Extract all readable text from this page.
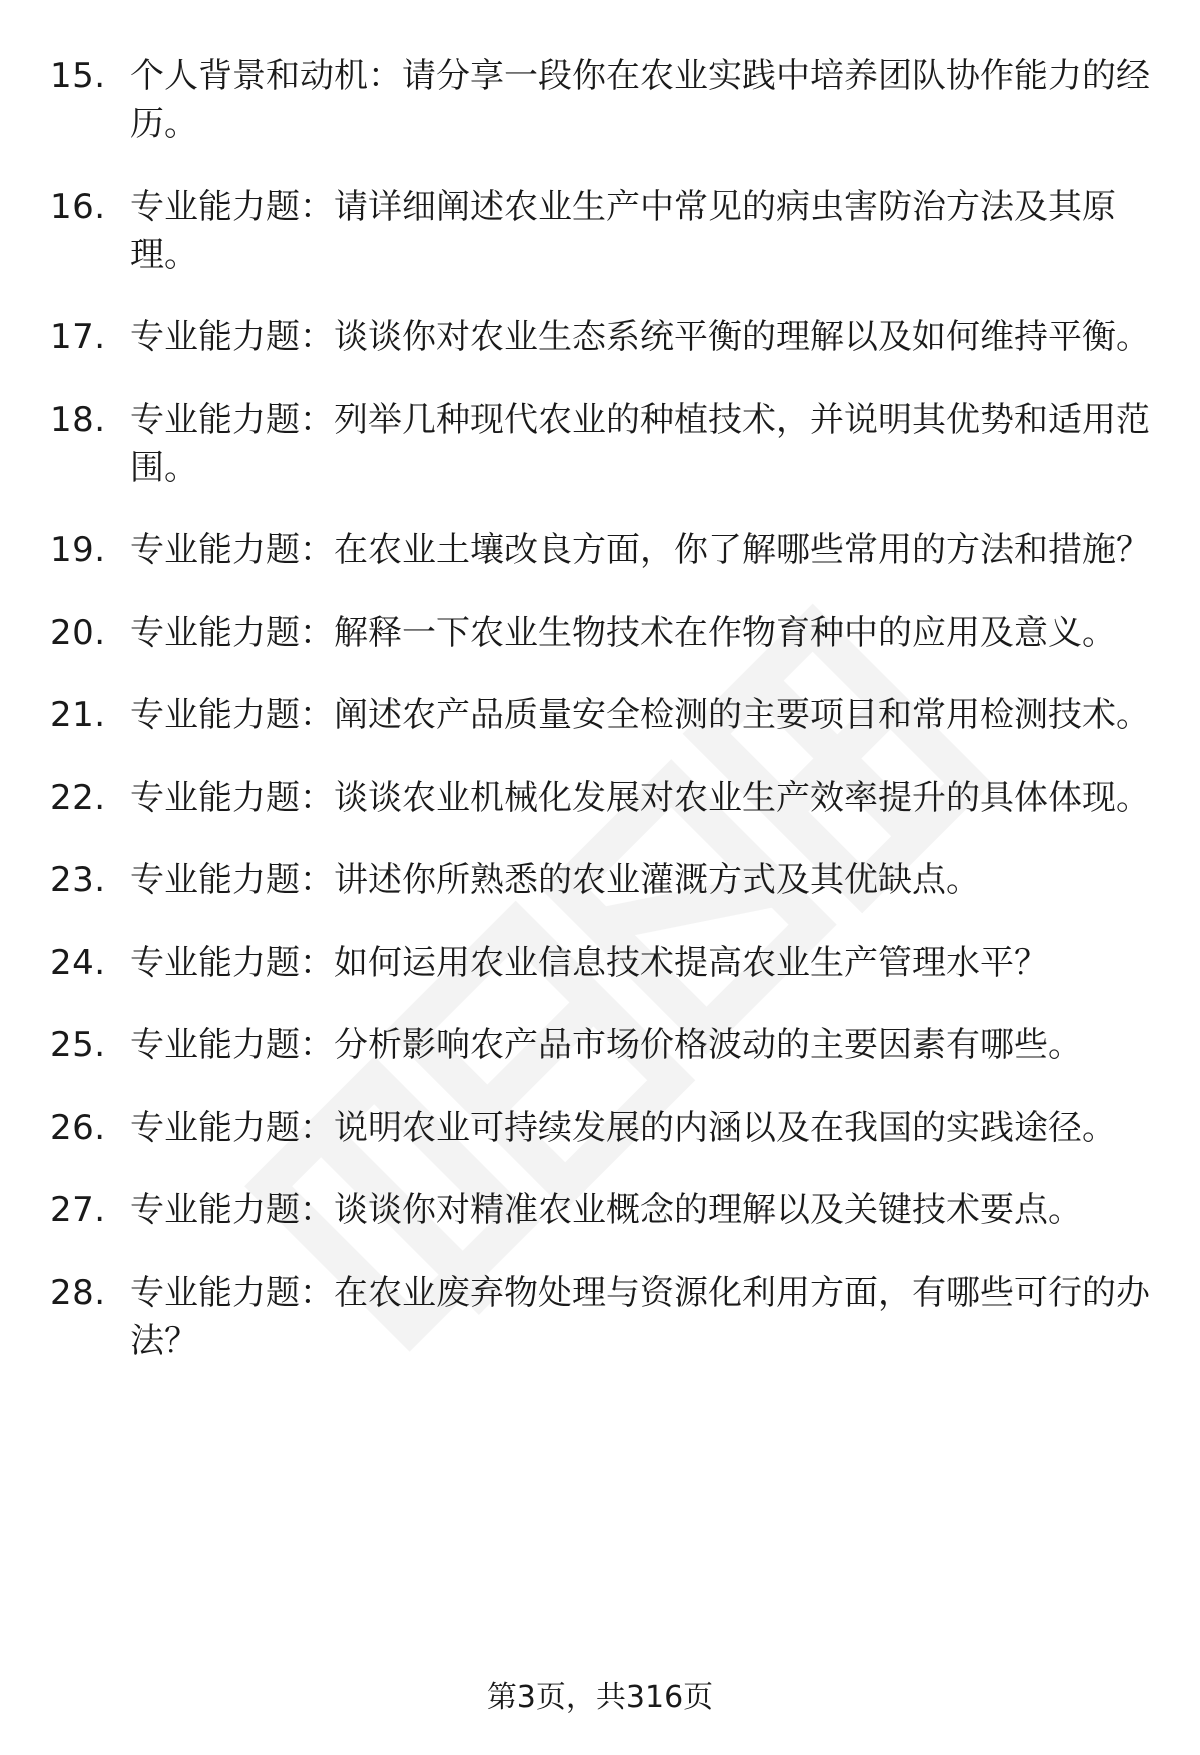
15. 个人背景和动机：请分享一段你在农业实践中培养团队协作能力的经历。
16. 专业能力题：请详细阐述农业生产中常见的病虫害防治方法及其原理。
17. 专业能力题：谈谈你对农业生态系统平衡的理解以及如何维持平衡。
18. 专业能力题：列举几种现代农业的种植技术，并说明其优势和适用范围。
19. 专业能力题：在农业土壤改良方面，你了解哪些常用的方法和措施？
20. 专业能力题：解释一下农业生物技术在作物育种中的应用及意义。
21. 专业能力题：阐述农产品质量安全检测的主要项目和常用检测技术。
22. 专业能力题：谈谈农业机械化发展对农业生产效率提升的具体体现。
23. 专业能力题：讲述你所熟悉的农业灌溉方式及其优缺点。
24. 专业能力题：如何运用农业信息技术提高农业生产管理水平？
25. 专业能力题：分析影响农产品市场价格波动的主要因素有哪些。
26. 专业能力题：说明农业可持续发展的内涵以及在我国的实践途径。
27. 专业能力题：谈谈你对精准农业概念的理解以及关键技术要点。
28. 专业能力题：在农业废弃物处理与资源化利用方面，有哪些可行的办法？
第3页，共316页
